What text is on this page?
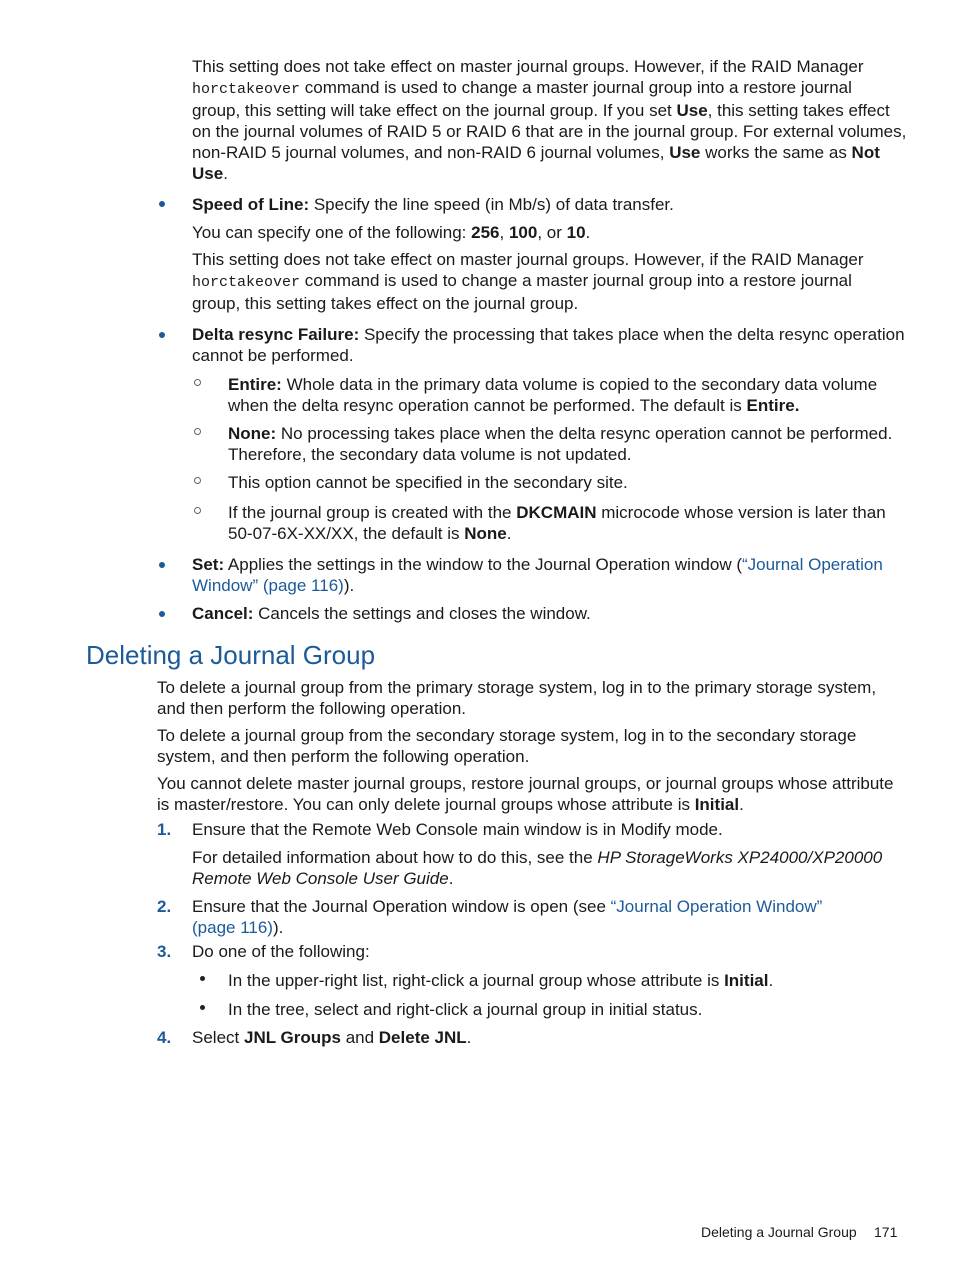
This setting does not take effect on master journal groups. However, if the RAID Manager
horctakeover command is used to change a master journal group into a restore journal
group, this setting will take effect on the journal group. If you set Use, this setting takes effect
on the journal volumes of RAID 5 or RAID 6 that are in the journal group. For external volumes,
non-RAID 5 journal volumes, and non-RAID 6 journal volumes, Use works the same as Not
Use.

Speed of Line: Specify the line speed (in Mb/s) of data transfer.

You can specify one of the following: 256, 100, or 10.

This setting does not take effect on master journal groups. However, if the RAID Manager
horctakeover command is used to change a master journal group into a restore journal
group, this setting takes effect on the journal group.

Delta resync Failure: Specify the processing that takes place when the delta resync operation
cannot be performed.

Entire: Whole data in the primary data volume is copied to the secondary data volume
when the delta resync operation cannot be performed. The default is Entire.

None: No processing takes place when the delta resync operation cannot be performed.
Therefore, the secondary data volume is not updated.

This option cannot be specified in the secondary site.

If the journal group is created with the DKCMAIN microcode whose version is later than
50-07-6X-XX/XX, the default is None.

Set: Applies the settings in the window to the Journal Operation window (“Journal Operation
Window” (page 116)).

Cancel: Cancels the settings and closes the window.

Deleting a Journal Group

To delete a journal group from the primary storage system, log in to the primary storage system,
and then perform the following operation.

To delete a journal group from the secondary storage system, log in to the secondary storage
system, and then perform the following operation.

You cannot delete master journal groups, restore journal groups, or journal groups whose attribute
is master/restore. You can only delete journal groups whose attribute is Initial.

1. Ensure that the Remote Web Console main window is in Modify mode.

For detailed information about how to do this, see the HP StorageWorks XP24000/XP20000
Remote Web Console User Guide.

2. Ensure that the Journal Operation window is open (see “Journal Operation Window”
(page 116)).

3. Do one of the following:

In the upper-right list, right-click a journal group whose attribute is Initial.

In the tree, select and right-click a journal group in initial status.

4. Select JNL Groups and Delete JNL.

Deleting a Journal Group 171
